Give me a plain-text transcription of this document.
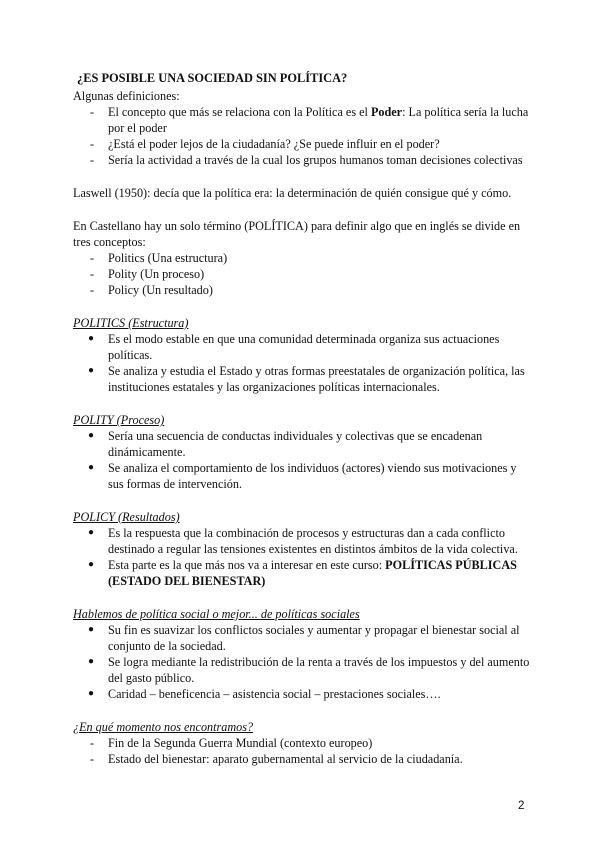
¿ES POSIBLE UNA SOCIEDAD SIN POLÍTICA?

Algunas definiciones:

- El concepto que más se relaciona con la Política es el Poder: La política sería la lucha por el poder
- ¿Está el poder lejos de la ciudadanía? ¿Se puede influir en el poder?
- Sería la actividad a través de la cual los grupos humanos toman decisiones colectivas

Laswell (1950): decía que la política era: la determinación de quién consigue qué y cómo.

En Castellano hay un solo término (POLÍTICA) para definir algo que en inglés se divide en tres conceptos:

- Politics (Una estructura)
- Polity (Un proceso)
- Policy (Un resultado)

POLITICS (Estructura)

● Es el modo estable en que una comunidad determinada organiza sus actuaciones políticas.
● Se analiza y estudia el Estado y otras formas preestatales de organización política, las instituciones estatales y las organizaciones políticas internacionales.

POLITY (Proceso)

● Sería una secuencia de conductas individuales y colectivas que se encadenan dinámicamente.
● Se analiza el comportamiento de los individuos (actores) viendo sus motivaciones y sus formas de intervención.

POLICY (Resultados)

● Es la respuesta que la combinación de procesos y estructuras dan a cada conflicto destinado a regular las tensiones existentes en distintos ámbitos de la vida colectiva.
● Esta parte es la que más nos va a interesar en este curso: POLÍTICAS PÚBLICAS (ESTADO DEL BIENESTAR)

Hablemos de política social o mejor... de políticas sociales

● Su fin es suavizar los conflictos sociales y aumentar y propagar el bienestar social al conjunto de la sociedad.
● Se logra mediante la redistribución de la renta a través de los impuestos y del aumento del gasto público.
● Caridad – beneficencia – asistencia social – prestaciones sociales….

¿En qué momento nos encontramos?

- Fin de la Segunda Guerra Mundial (contexto europeo)
- Estado del bienestar: aparato gubernamental al servicio de la ciudadanía.
2
